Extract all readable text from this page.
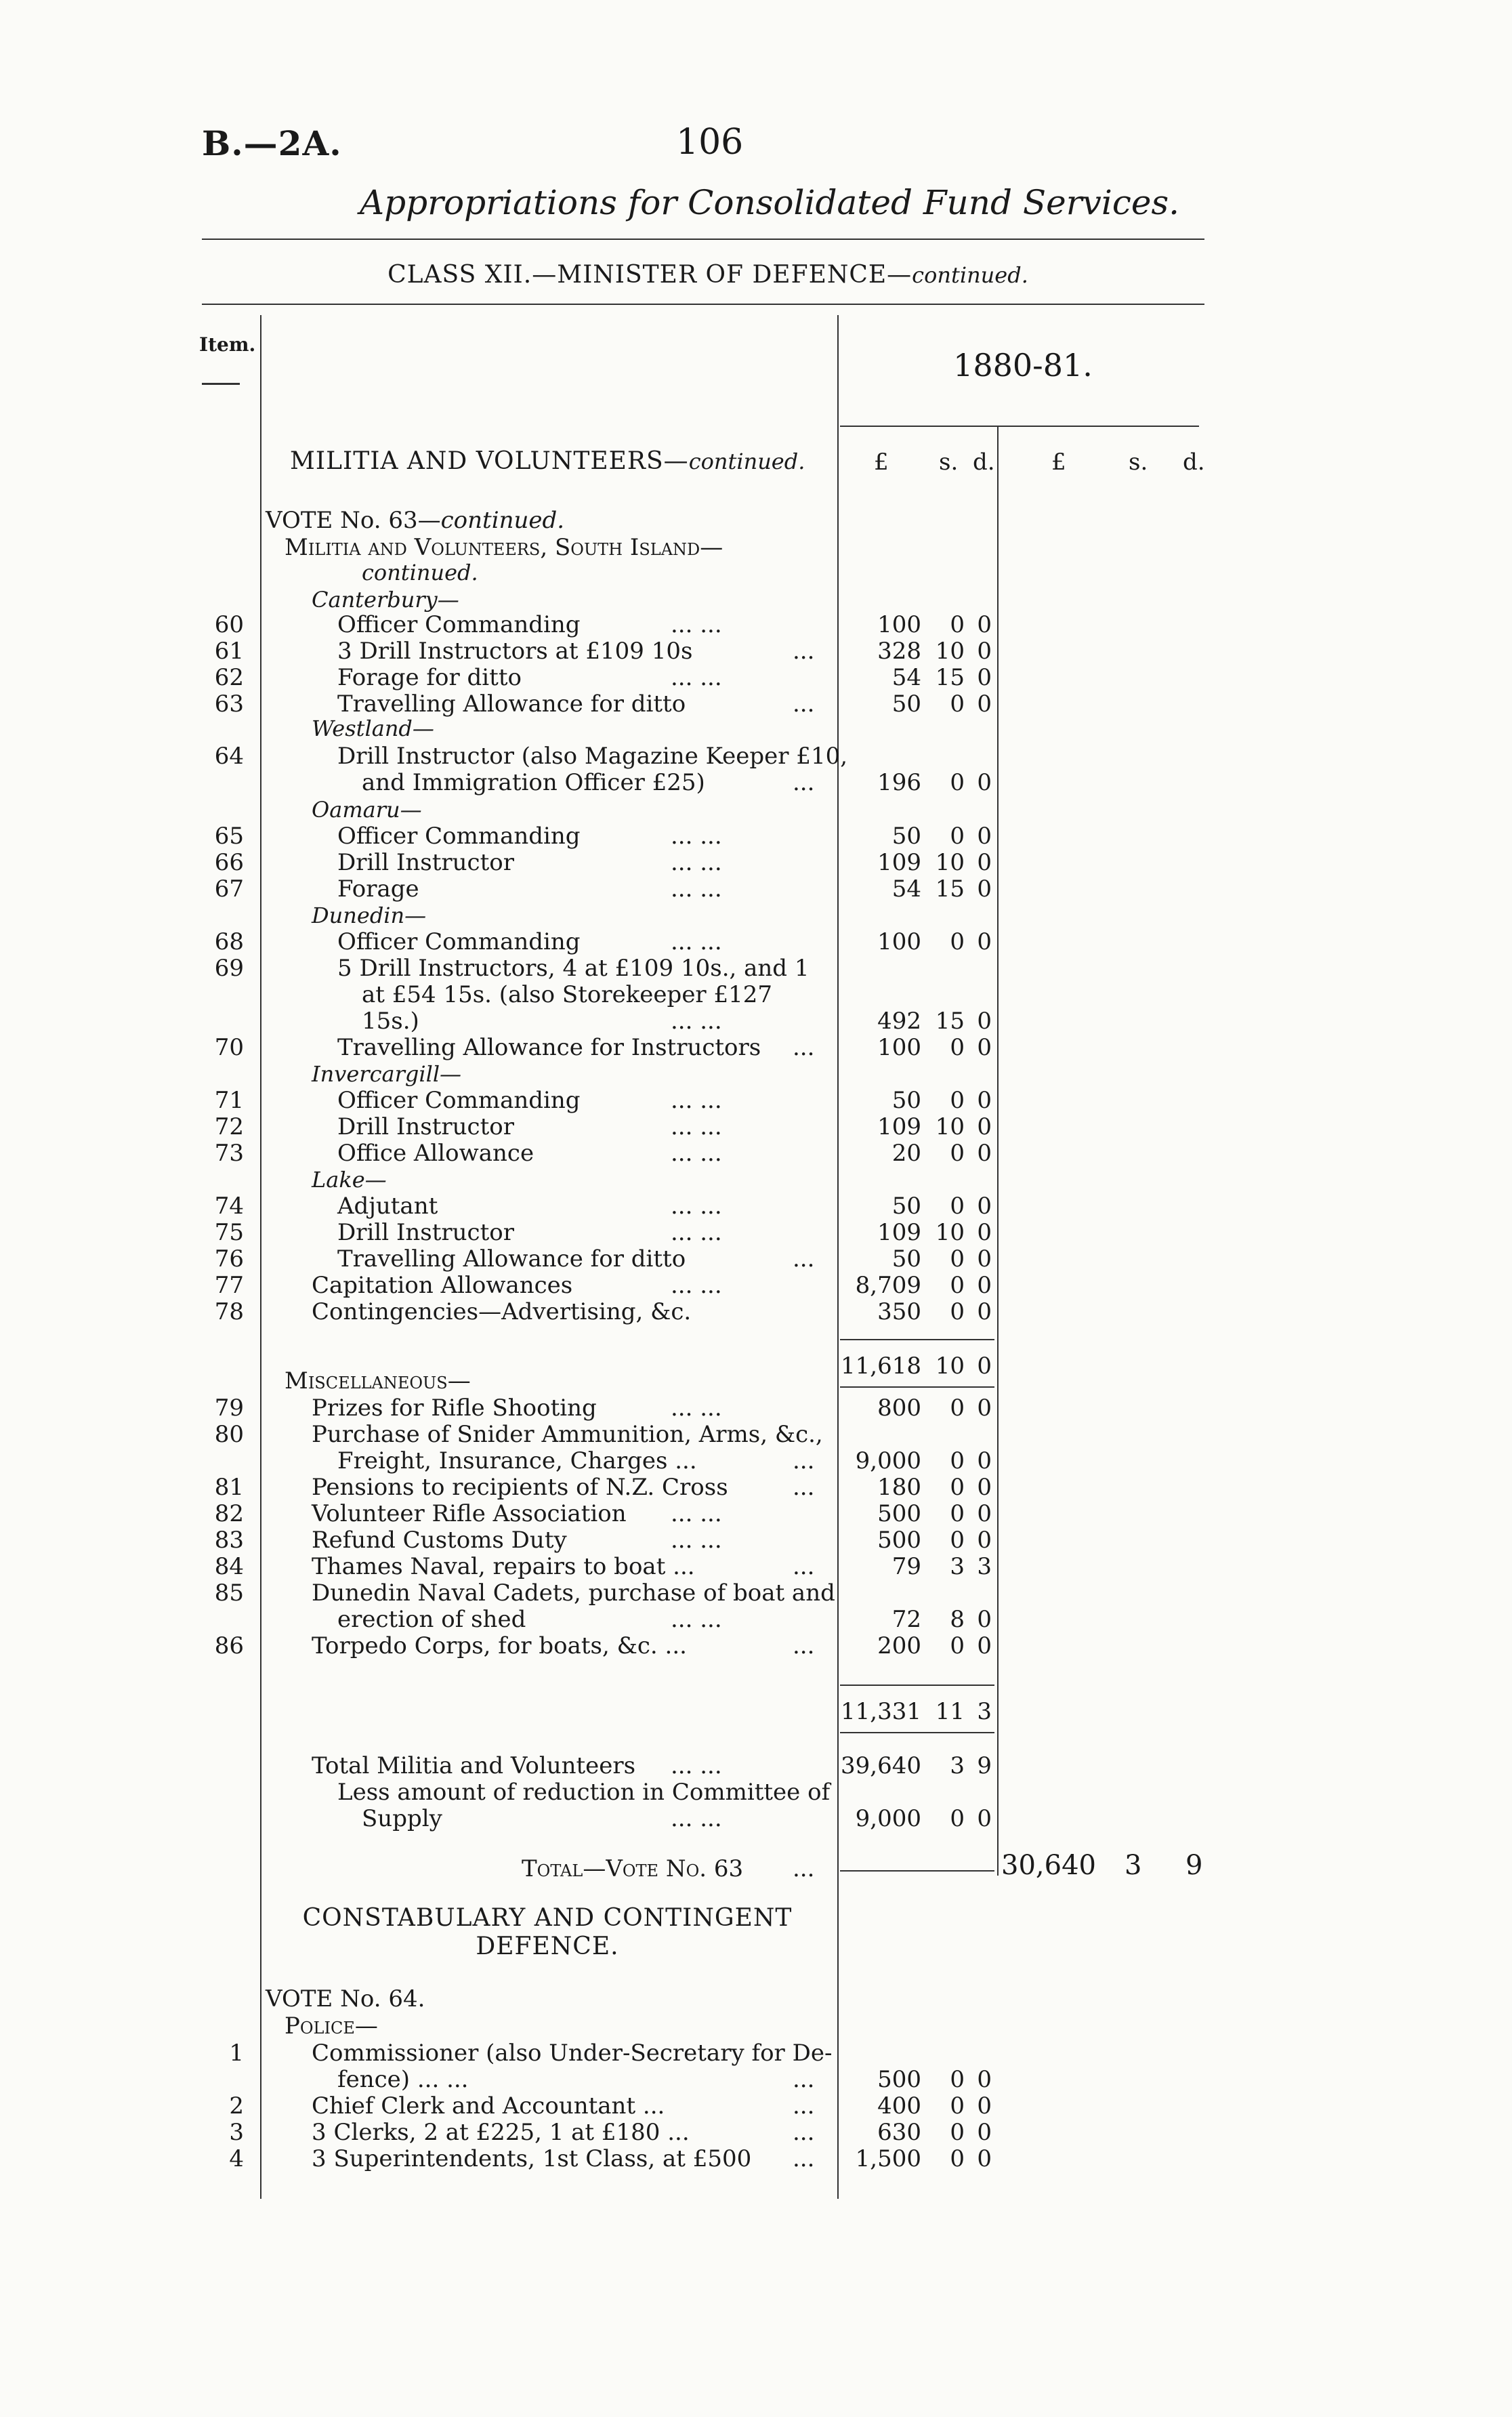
B.—2A.	106
Appropriations for Consolidated Fund Services.
CLASS XII.—MINISTER OF DEFENCE—continued.
Item.
1880-81.
MILITIA AND VOLUNTEERS—continued.	£ s. d. £	s. d.
VOTE No. 63—continued.
Militia and Volunteers, South Island—
continued.
Canterbury—
60	Officer Commanding	... ...	100	0 0
61	3 Drill Instructors at £109 10s	...	328 10 0
62	Forage for ditto	... ...	54 15 0
63	Travelling Allowance for ditto	...	50	0 0
Westland—
64	Drill Instructor (also Magazine Keeper £10,
and Immigration Officer £25)	...	196	0 0
Oamaru—
65	Officer Commanding	... ...	50	0 0
66	Drill Instructor	... ...	109 10 0
67	Forage	... ...	54 15 0
Dunedin—
68	Officer Commanding	... ...	100	0 0
69	5 Drill Instructors, 4 at £109 10s., and 1
at £54 15s. (also Storekeeper £127
15s.)	... ...	492 15 0
70	Travelling Allowance for Instructors ...	100	0 0
Invercargill—
71	Officer Commanding	... ...	50	0 0
72	Drill Instructor	... ...	109 10 0
73	Office Allowance	... ...	20	0 0
Lake—
74	Adjutant	... ...	50	0 0
75	Drill Instructor	... ...	109 10 0
76	Travelling Allowance for ditto	...	50	0 0
77	Capitation Allowances	... ...	8,709	0 0
78	Contingencies—Advertising, &c.	350	0 0
11,618 10 0
Miscellaneous—
79	Prizes for Rifle Shooting	... ...	800	0 0
80	Purchase of Snider Ammunition, Arms, &c.,
Freight, Insurance, Charges ...	...	9,000	0 0
81	Pensions to recipients of N.Z. Cross	...	180	0 0
82	Volunteer Rifle Association ... ...	500	0 0
83	Refund Customs Duty	... ...	500	0 0
84	Thames Naval, repairs to boat ...	...	79	3 3
85	Dunedin Naval Cadets, purchase of boat and
erection of shed	... ...	72	8 0
86	Torpedo Corps, for boats, &c. ...	...	200	0 0
11,331 11 3
Total Militia and Volunteers ... ...	39,640	3 9
Less amount of reduction in Committee of
Supply	... ...	9,000	0 0
Total—Vote No. 63 ...	30,640 3 9
CONSTABULARY AND CONTINGENT
DEFENCE.
VOTE No. 64.
Police—
1	Commissioner (also Under-Secretary for De-
fence) ... ...	...	500	0 0
2	Chief Clerk and Accountant ...	...	400	0 0
3	3 Clerks, 2 at £225, 1 at £180 ...	...	630	0 0
4	3 Superintendents, 1st Class, at £500 ...	1,500	0 0
